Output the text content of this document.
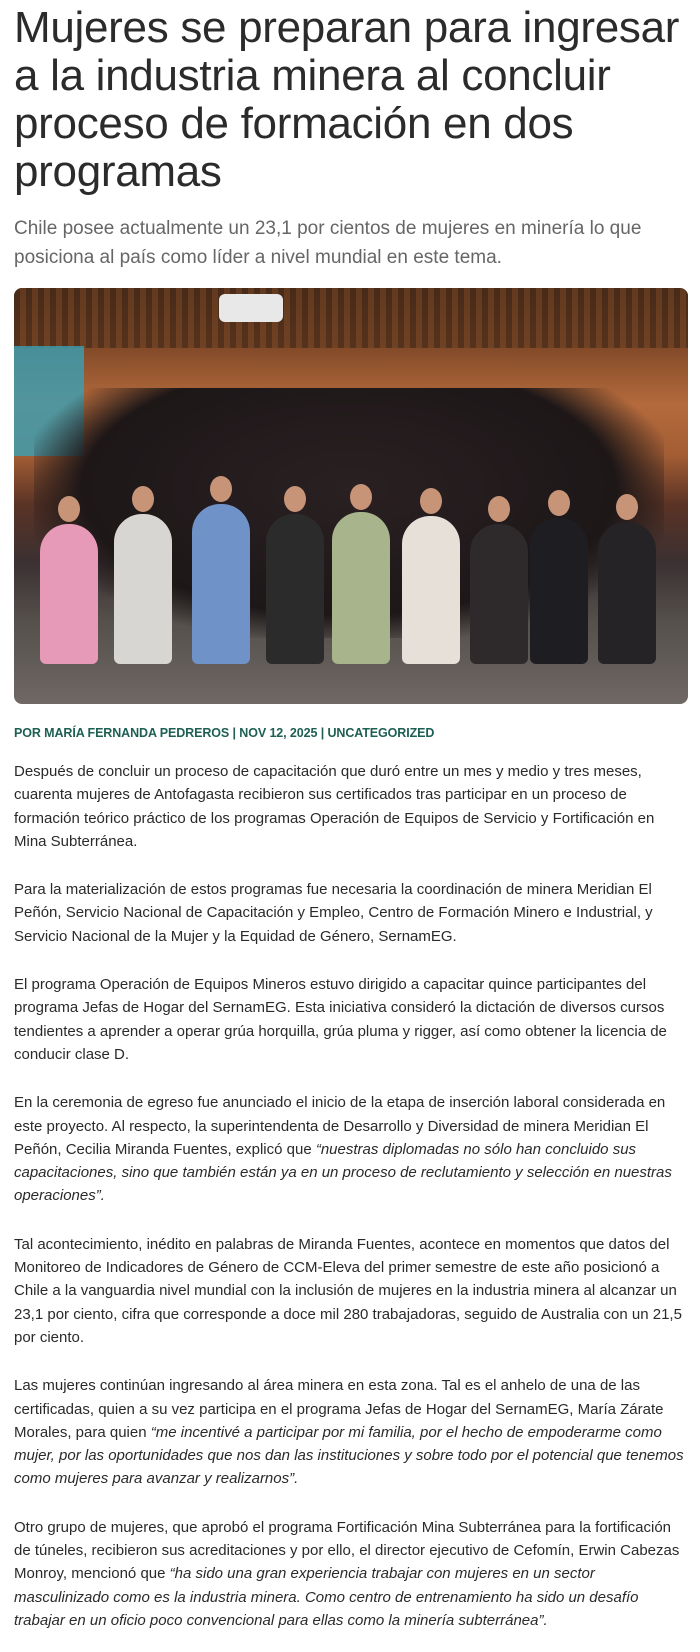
Mujeres se preparan para ingresar a la industria minera al concluir proceso de formación en dos programas
Chile posee actualmente un 23,1 por cientos de mujeres en minería lo que posiciona al país como líder a nivel mundial en este tema.
POR MARÍA FERNANDA PEDREROS | NOV 12, 2025 | UNCATEGORIZED

Después de concluir un proceso de capacitación que duró entre un mes y medio y tres meses, cuarenta mujeres de Antofagasta recibieron sus certificados tras participar en un proceso de formación teórico práctico de los programas Operación de Equipos de Servicio y Fortificación en Mina Subterránea.

Para la materialización de estos programas fue necesaria la coordinación de minera Meridian El Peñón, Servicio Nacional de Capacitación y Empleo, Centro de Formación Minero e Industrial, y Servicio Nacional de la Mujer y la Equidad de Género, SernamEG.

El programa Operación de Equipos Mineros estuvo dirigido a capacitar quince participantes del programa Jefas de Hogar del SernamEG. Esta iniciativa consideró la dictación de diversos cursos tendientes a aprender a operar grúa horquilla, grúa pluma y rigger, así como obtener la licencia de conducir clase D.

En la ceremonia de egreso fue anunciado el inicio de la etapa de inserción laboral considerada en este proyecto. Al respecto, la superintendenta de Desarrollo y Diversidad de minera Meridian El Peñón, Cecilia Miranda Fuentes, explicó que “nuestras diplomadas no sólo han concluido sus capacitaciones, sino que también están ya en un proceso de reclutamiento y selección en nuestras operaciones”.

Tal acontecimiento, inédito en palabras de Miranda Fuentes, acontece en momentos que datos del Monitoreo de Indicadores de Género de CCM-Eleva del primer semestre de este año posicionó a Chile a la vanguardia nivel mundial con la inclusión de mujeres en la industria minera al alcanzar un 23,1 por ciento, cifra que corresponde a doce mil 280 trabajadoras, seguido de Australia con un 21,5 por ciento.

Las mujeres continúan ingresando al área minera en esta zona. Tal es el anhelo de una de las certificadas, quien a su vez participa en el programa Jefas de Hogar del SernamEG, María Zárate Morales, para quien “me incentivé a participar por mi familia, por el hecho de empoderarme como mujer, por las oportunidades que nos dan las instituciones y sobre todo por el potencial que tenemos como mujeres para avanzar y realizarnos”.

Otro grupo de mujeres, que aprobó el programa Fortificación Mina Subterránea para la fortificación de túneles, recibieron sus acreditaciones y por ello, el director ejecutivo de Cefomín, Erwin Cabezas Monroy, mencionó que “ha sido una gran experiencia trabajar con mujeres en un sector masculinizado como es la industria minera. Como centro de entrenamiento ha sido un desafío trabajar en un oficio poco convencional para ellas como la minería subterránea”.
